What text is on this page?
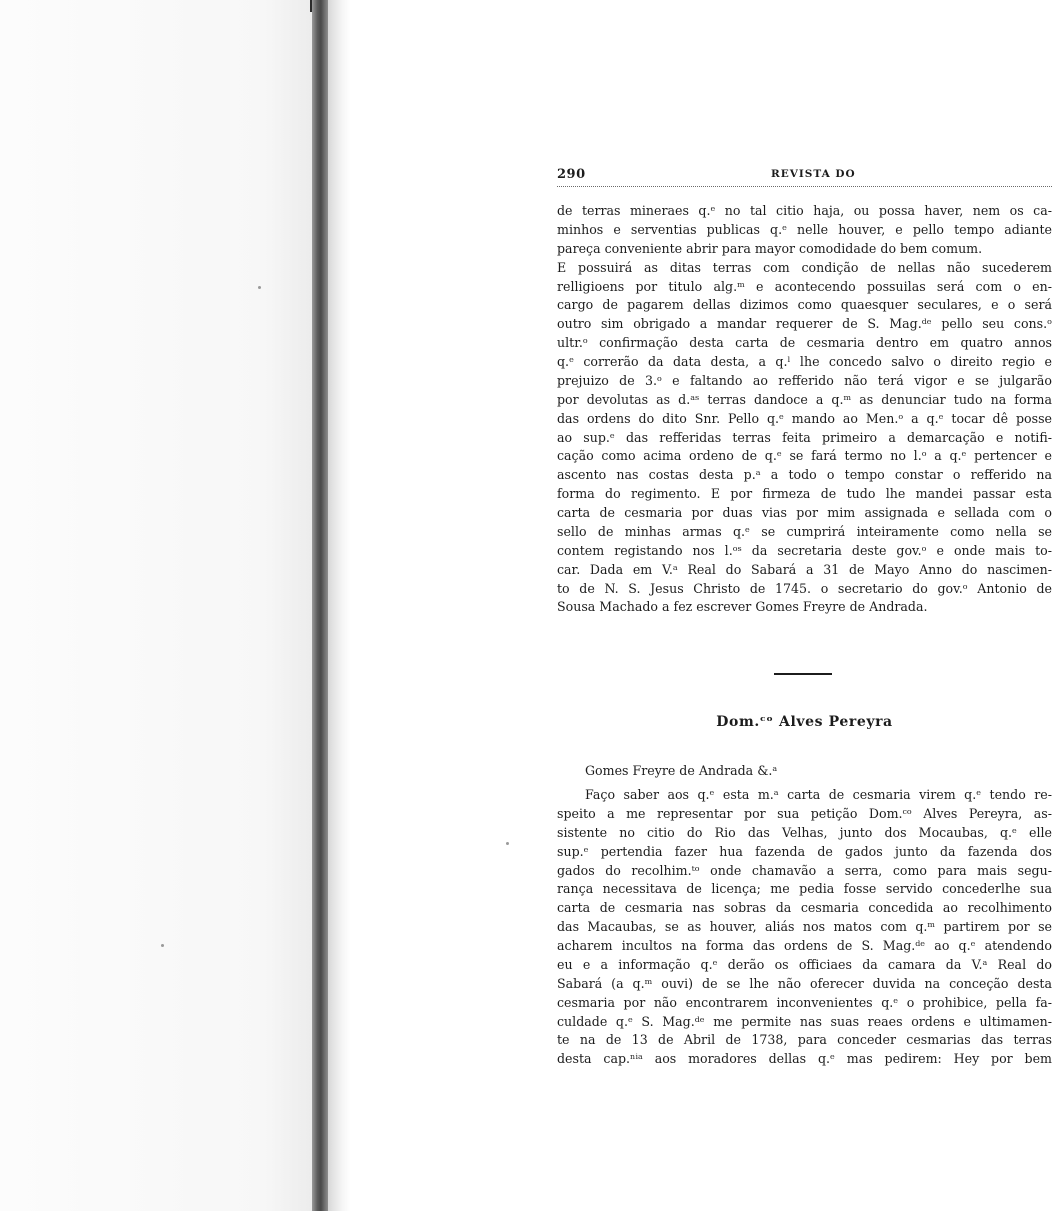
290	REVISTA DO
de terras mineraes q.ᵉ no tal citio haja, ou possa haver, nem os ca-
minhos e serventias publicas q.ᵉ nelle houver, e pello tempo adiante
pareça conveniente abrir para mayor comodidade do bem comum.
E possuirá as ditas terras com condição de nellas não sucederem
relligioens por titulo alg.ᵐ e acontecendo possuilas será com o en-
cargo de pagarem dellas dizimos como quaesquer seculares, e o será
outro sim obrigado a mandar requerer de S. Mag.ᵈᵉ pello seu cons.ᵒ
ultr.ᵒ confirmação desta carta de cesmaria dentro em quatro annos
q.ᵉ correrão da data desta, a q.ˡ lhe concedo salvo o direito regio e
prejuizo de 3.ᵒ e faltando ao refferido não terá vigor e se julgarão
por devolutas as d.ᵃˢ terras dandoce a q.ᵐ as denunciar tudo na forma
das ordens do dito Snr. Pello q.ᵉ mando ao Men.ᵒ a q.ᵉ tocar dê posse
ao sup.ᵉ das refferidas terras feita primeiro a demarcação e notifi-
cação como acima ordeno de q.ᵉ se fará termo no l.ᵒ a q.ᵉ pertencer e
ascento nas costas desta p.ᵃ a todo o tempo constar o refferido na
forma do regimento. E por firmeza de tudo lhe mandei passar esta
carta de cesmaria por duas vias por mim assignada e sellada com o
sello de minhas armas q.ᵉ se cumprirá inteiramente como nella se
contem registando nos l.ᵒˢ da secretaria deste gov.ᵒ e onde mais to-
car. Dada em V.ᵃ Real do Sabará a 31 de Mayo Anno do nascimen-
to de N. S. Jesus Christo de 1745. o secretario do gov.ᵒ Antonio de
Sousa Machado a fez escrever Gomes Freyre de Andrada.
Dom.ᶜᵒ Alves Pereyra
Gomes Freyre de Andrada &.ᵃ
Faço saber aos q.ᵉ esta m.ᵃ carta de cesmaria virem q.ᵉ tendo re-
speito a me representar por sua petição Dom.ᶜᵒ Alves Pereyra, as-
sistente no citio do Rio das Velhas, junto dos Mocaubas, q.ᵉ elle
sup.ᵉ pertendia fazer hua fazenda de gados junto da fazenda dos
gados do recolhim.ᵗᵒ onde chamavão a serra, como para mais segu-
rança necessitava de licença; me pedia fosse servido concederlhe sua
carta de cesmaria nas sobras da cesmaria concedida ao recolhimento
das Macaubas, se as houver, aliás nos matos com q.ᵐ partirem por se
acharem incultos na forma das ordens de S. Mag.ᵈᵉ ao q.ᵉ atendendo
eu e a informação q.ᵉ derão os officiaes da camara da V.ᵃ Real do
Sabará (a q.ᵐ ouvi) de se lhe não oferecer duvida na conceção desta
cesmaria por não encontrarem inconvenientes q.ᵉ o prohibice, pella fa-
culdade q.ᵉ S. Mag.ᵈᵉ me permite nas suas reaes ordens e ultimamen-
te na de 13 de Abril de 1738, para conceder cesmarias das terras
desta cap.ⁿⁱᵃ aos moradores dellas q.ᵉ mas pedirem: Hey por bem
